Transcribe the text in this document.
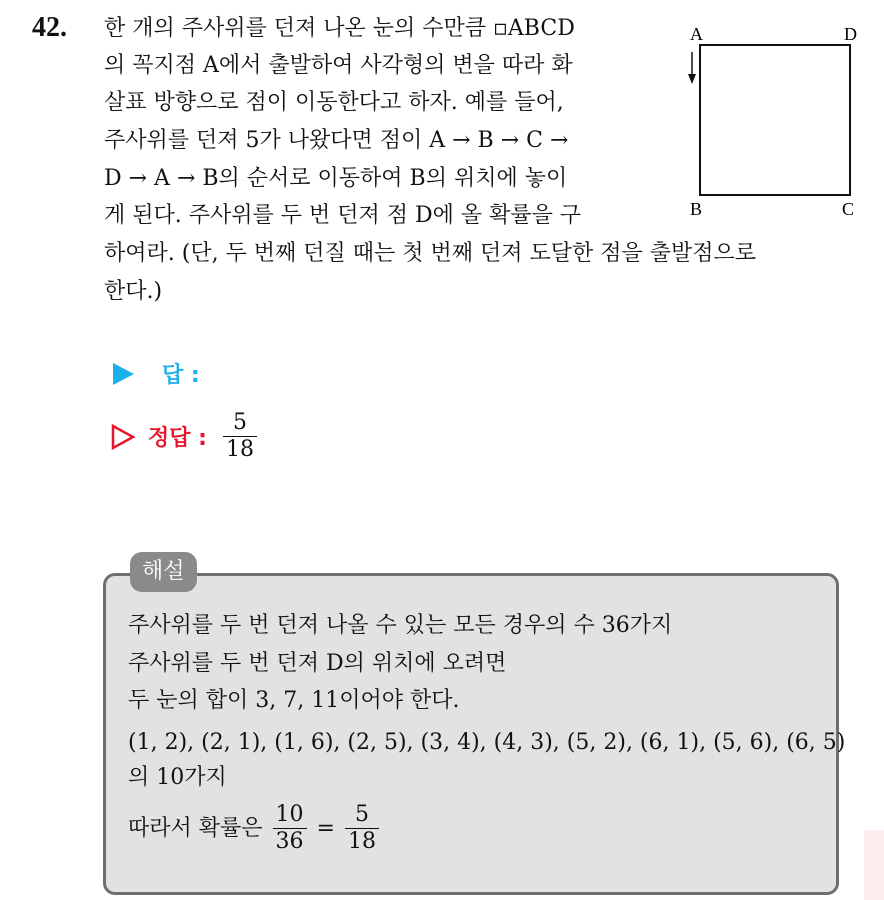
42. 한 개의 주사위를 던져 나온 눈의 수만큼 ▫ABCD
의 꼭지점 A에서 출발하여 사각형의 변을 따라 화
살표 방향으로 점이 이동한다고 하자. 예를 들어,
주사위를 던져 5가 나왔다면 점이 A → B → C →
D → A → B의 순서로 이동하여 B의 위치에 놓이
게 된다. 주사위를 두 번 던져 점 D에 올 확률을 구
하여라. (단, 두 번째 던질 때는 첫 번째 던져 도달한 점을 출발점으로
한다.)
A	D
B	C
답 :
정답 : $\frac{5}{18}$
해설
주사위를 두 번 던져 나올 수 있는 모든 경우의 수 36가지
주사위를 두 번 던져 D의 위치에 오려면
두 눈의 합이 3, 7, 11이어야 한다.
(1, 2), (2, 1), (1, 6), (2, 5), (3, 4), (4, 3), (5, 2), (6, 1), (5, 6), (6, 5)
의 10가지
따라서 확률은 $\frac{10}{36} = \frac{5}{18}$
